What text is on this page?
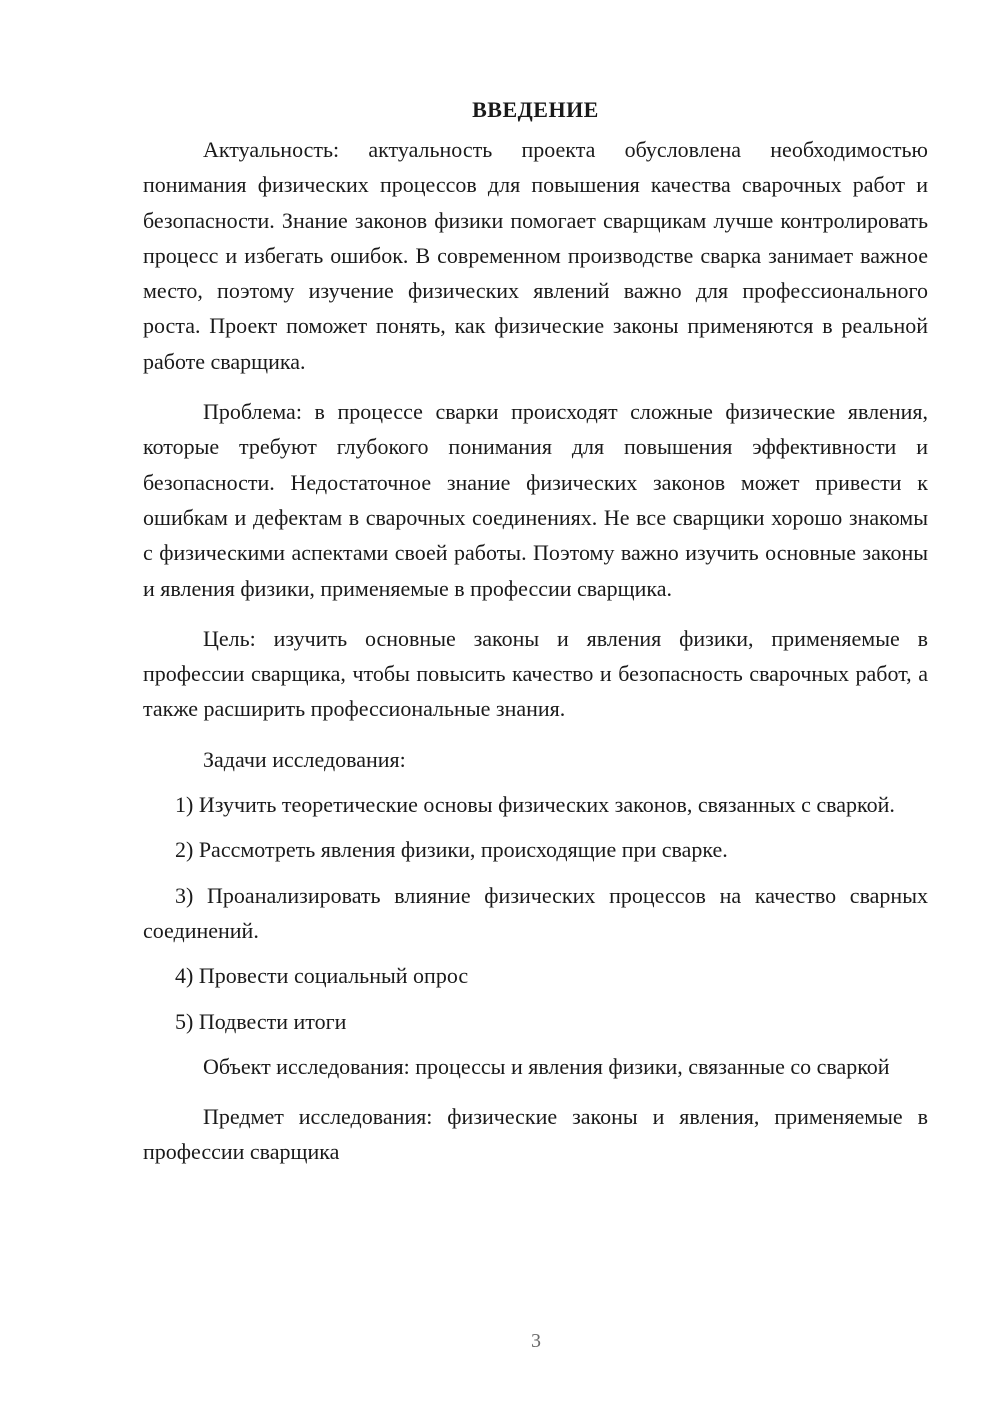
ВВЕДЕНИЕ

Актуальность: актуальность проекта обусловлена необходимостью понимания физических процессов для повышения качества сварочных работ и безопасности. Знание законов физики помогает сварщикам лучше контролировать процесс и избегать ошибок. В современном производстве сварка занимает важное место, поэтому изучение физических явлений важно для профессионального роста. Проект поможет понять, как физические законы применяются в реальной работе сварщика.

Проблема: в процессе сварки происходят сложные физические явления, которые требуют глубокого понимания для повышения эффективности и безопасности. Недостаточное знание физических законов может привести к ошибкам и дефектам в сварочных соединениях. Не все сварщики хорошо знакомы с физическими аспектами своей работы. Поэтому важно изучить основные законы и явления физики, применяемые в профессии сварщика.

Цель: изучить основные законы и явления физики, применяемые в профессии сварщика, чтобы повысить качество и безопасность сварочных работ, а также расширить профессиональные знания.

Задачи исследования:

1) Изучить теоретические основы физических законов, связанных с сваркой.

2) Рассмотреть явления физики, происходящие при сварке.

3) Проанализировать влияние физических процессов на качество сварных соединений.

4) Провести социальный опрос

5) Подвести итоги

Объект исследования: процессы и явления физики, связанные со сваркой

Предмет исследования: физические законы и явления, применяемые в профессии сварщика

3
